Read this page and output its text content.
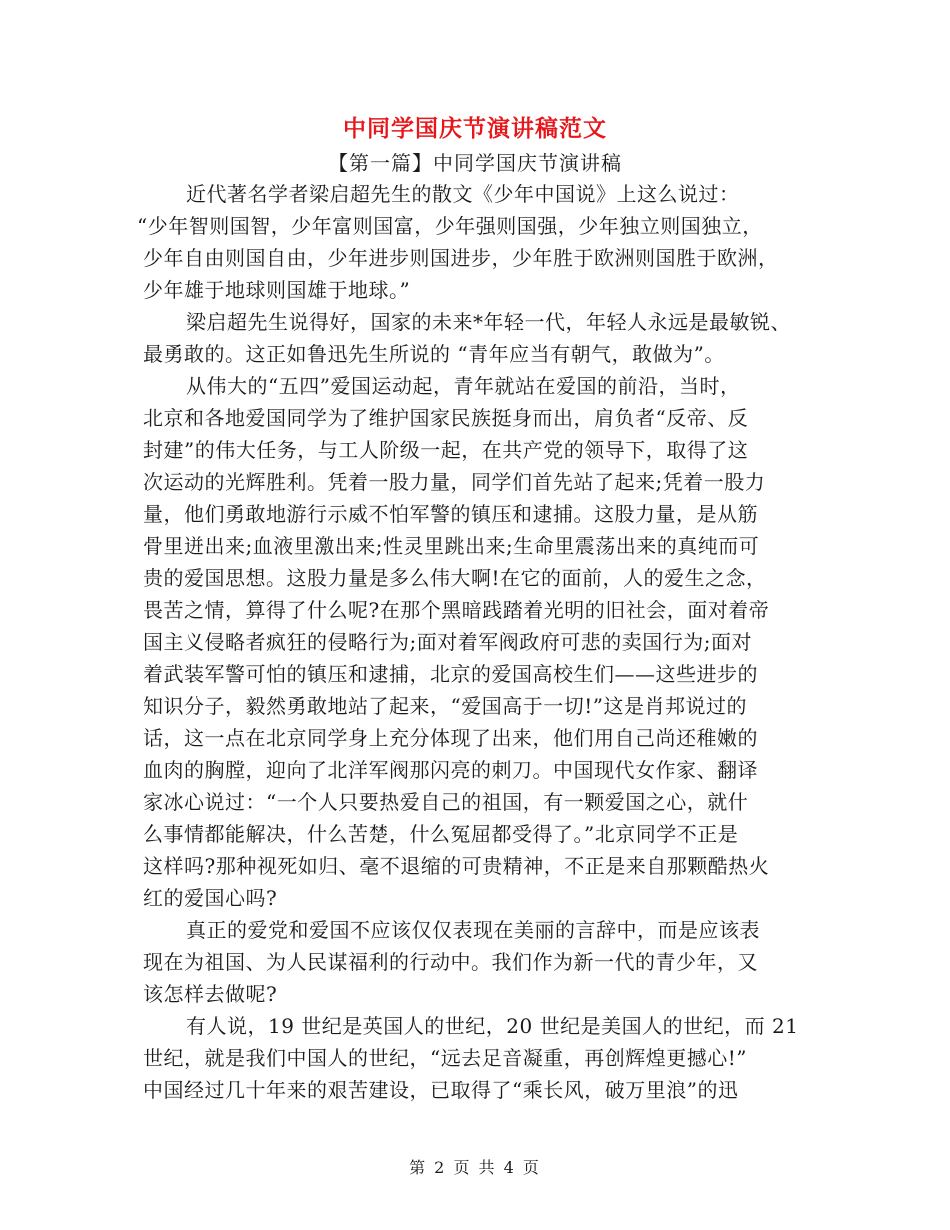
中同学国庆节演讲稿范文
【第一篇】中同学国庆节演讲稿
近代著名学者梁启超先生的散文《少年中国说》上这么说过：
“少年智则国智，少年富则国富，少年强则国强，少年独立则国独立，
少年自由则国自由，少年进步则国进步，少年胜于欧洲则国胜于欧洲，
少年雄于地球则国雄于地球。”
梁启超先生说得好，国家的未来*年轻一代，年轻人永远是最敏锐、
最勇敢的。这正如鲁迅先生所说的 “青年应当有朝气，敢做为”。
从伟大的“五四”爱国运动起，青年就站在爱国的前沿，当时，
北京和各地爱国同学为了维护国家民族挺身而出，肩负者“反帝、反
封建”的伟大任务，与工人阶级一起，在共产党的领导下，取得了这
次运动的光辉胜利。凭着一股力量，同学们首先站了起来;凭着一股力
量，他们勇敢地游行示威不怕军警的镇压和逮捕。这股力量，是从筋
骨里迸出来;血液里激出来;性灵里跳出来;生命里震荡出来的真纯而可
贵的爱国思想。这股力量是多么伟大啊!在它的面前，人的爱生之念，
畏苦之情，算得了什么呢?在那个黑暗践踏着光明的旧社会，面对着帝
国主义侵略者疯狂的侵略行为;面对着军阀政府可悲的卖国行为;面对
着武装军警可怕的镇压和逮捕，北京的爱国高校生们——这些进步的
知识分子，毅然勇敢地站了起来，“爱国高于一切!”这是肖邦说过的
话，这一点在北京同学身上充分体现了出来，他们用自己尚还稚嫩的
血肉的胸膛，迎向了北洋军阀那闪亮的刺刀。中国现代女作家、翻译
家冰心说过：“一个人只要热爱自己的祖国，有一颗爱国之心，就什
么事情都能解决，什么苦楚，什么冤屈都受得了。”北京同学不正是
这样吗?那种视死如归、毫不退缩的可贵精神，不正是来自那颗酷热火
红的爱国心吗?
真正的爱党和爱国不应该仅仅表现在美丽的言辞中，而是应该表
现在为祖国、为人民谋福利的行动中。我们作为新一代的青少年，又
该怎样去做呢?
有人说，19 世纪是英国人的世纪，20 世纪是美国人的世纪，而 21
世纪，就是我们中国人的世纪，“远去足音凝重，再创辉煌更撼心!”
中国经过几十年来的艰苦建设，已取得了“乘长风，破万里浪”的迅
第 2 页 共 4 页
